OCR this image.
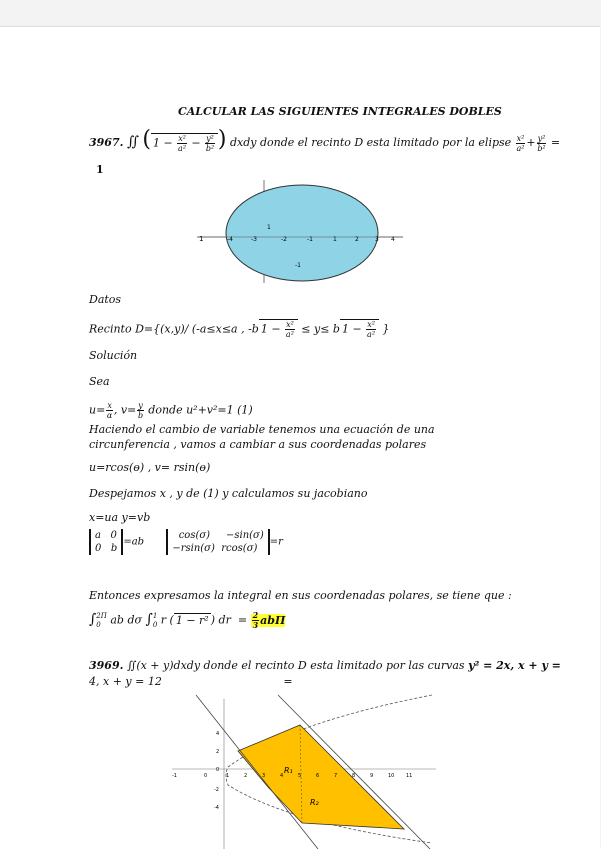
CALCULAR LAS SIGUIENTES INTEGRALES DOBLES
3967. ∬ ( $1 - \frac{\text{x²}}{\text{a²}} - \frac{\text{y²}}{\text{b²}}$ ) dxdy donde el recinto D esta limitado por la elipse $\frac{\text{x²}}{\text{a²}} + \frac{\text{y²}}{\text{b²}}$ =
1
1	-4	-3	-2	-1	1	2	3 4
1
-1
Datos
Recinto D={(x,y)/ (-a≤x≤a , -b $1 - \frac{\text{x²}}{\text{a²}} \le y\le b$ $1 - \frac{\text{x²}}{\text{a²}}$ }
Solución
Sea
$u= \frac{x}{\alpha}$ , $v= \frac{y}{b}$ donde u²+v²=1 (1)
Haciendo el cambio de variable tenemos una ecuación de una circunferencia , vamos a cambiar a sus coordenadas polares
u=rcos(ɵ) , v= rsin(ɵ)
Despejamos x , y de (1) y calculamos su jacobiano
x=ua y=vb
a 0
0 b=ab         cos(σ) −sin(σ)
−rsin(σ) rcos(σ)=r
Entonces expresamos la integral en sus coordenadas polares, se tiene que :
∫2Π
0 ab dσ ∫1
0 r ( 1 − r² ) dr = $\frac{2}{3}$ abΠ
3969. ∬(x + y)dxdy donde el recinto D esta limitado por las curvas y² = 2x, x + y =
4, x + y = 12	=
R₁
R₂
-1	0	1	2	3	4	5	6	7	8	9	10 11
4
2
0
-2
-4
